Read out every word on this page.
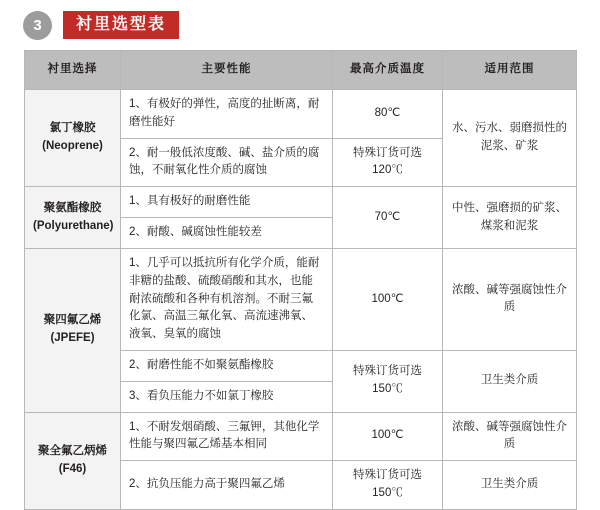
3	衬里选型表
衬里选择	主要性能	最高介质温度	适用范围

氯丁橡胶
(Neoprene)	1、有极好的弹性，高度的扯断离，耐磨性能好	80℃	水、污水、弱磨损性的泥浆、矿浆
	2、耐一般低浓度酸、碱、盐介质的腐蚀，不耐氧化性介质的腐蚀	特殊订货可选120℃	

聚氨酯橡胶
(Polyurethane)	1、具有极好的耐磨性能	70℃	中性、强磨损的矿浆、煤浆和泥浆
	2、耐酸、碱腐蚀性能较差		

聚四氟乙烯
(JPEFE)	1、几乎可以抵抗所有化学介质，能耐非糖的盐酸、硫酸硝酸和其水，也能耐浓硫酸和各种有机溶剂。不耐三氟化氯、高温三氟化氧、高流速沸氧、液氧、臭氧的腐蚀	100℃	浓酸、碱等强腐蚀性介质
	2、耐磨性能不如聚氨酯橡胶	特殊订货可选150℃	卫生类介质
	3、看负压能力不如氯丁橡胶		

聚全氟乙炳烯
(F46)	1、不耐发烟硝酸、三氟钾，其他化学性能与聚四氟乙烯基本相同	100℃	浓酸、碱等强腐蚀性介质
	2、抗负压能力高于聚四氟乙烯	特殊订货可选150℃	卫生类介质
